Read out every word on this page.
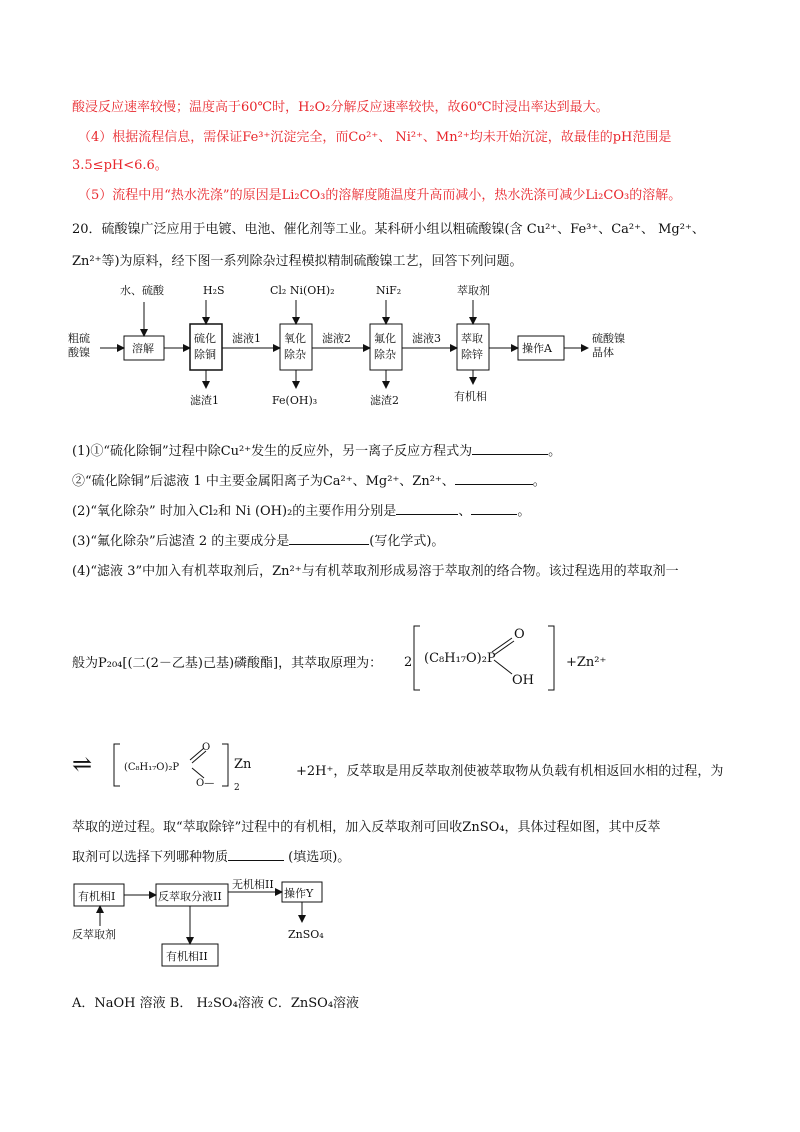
酸浸反应速率较慢；温度高于60℃时，H₂O₂分解反应速率较快，故60℃时浸出率达到最大。
（4）根据流程信息，需保证Fe³⁺沉淀完全，而Co²⁺、 Ni²⁺、Mn²⁺均未开始沉淀，故最佳的pH范围是
3.5≤pH<6.6。
（5）流程中用“热水洗涤”的原因是Li₂CO₃的溶解度随温度升高而减小，热水洗涤可减少Li₂CO₃的溶解。
20．硫酸镍广泛应用于电镀、电池、催化剂等工业。某科研小组以粗硫酸镍(含 Cu²⁺、Fe³⁺、Ca²⁺、 Mg²⁺、
Zn²⁺等)为原料，经下图一系列除杂过程模拟精制硫酸镍工艺，回答下列问题。
粗硫
酸镍
水、硫酸	H₂S	Cl₂ Ni(OH)₂	NiF₂	萃取剂
溶解
硫化
除铜
氧化
除杂
氟化
除杂
萃取
除锌	操作A
滤液1	滤液2	滤液3
滤渣1	Fe(OH)₃	滤渣2	有机相
硫酸镍
晶体
(1)①“硫化除铜”过程中除Cu²⁺发生的反应外，另一离子反应方程式为	。
②“硫化除铜”后滤液 1 中主要金属阳离子为Ca²⁺、Mg²⁺、Zn²⁺、	。
(2)“氧化除杂” 时加入Cl₂和 Ni (OH)₂的主要作用分别是	、	。
(3)“氟化除杂”后滤渣 2 的主要成分是	(写化学式)。
(4)“滤液 3”中加入有机萃取剂后，Zn²⁺与有机萃取剂形成易溶于萃取剂的络合物。该过程选用的萃取剂一
般为P₂₀₄[(二(2－乙基)己基)磷酸酯]，其萃取原理为： 2 (C₈H₁₇O)₂P
O
OH
+Zn²⁺
⇌	(C₈H₁₇O)₂P
O
O—
Zn
2
+2H⁺，反萃取是用反萃取剂使被萃取物从负载有机相返回水相的过程，为
萃取的逆过程。取“萃取除锌”过程中的有机相，加入反萃取剂可回收ZnSO₄，具体过程如图，其中反萃
取剂可以选择下列哪种物质	(填选项)。
有机相I	反萃取分液II	操作Y
有机相II
无机相II
反萃取剂	ZnSO₄
A．NaOH 溶液 B． H₂SO₄溶液 C．ZnSO₄溶液
